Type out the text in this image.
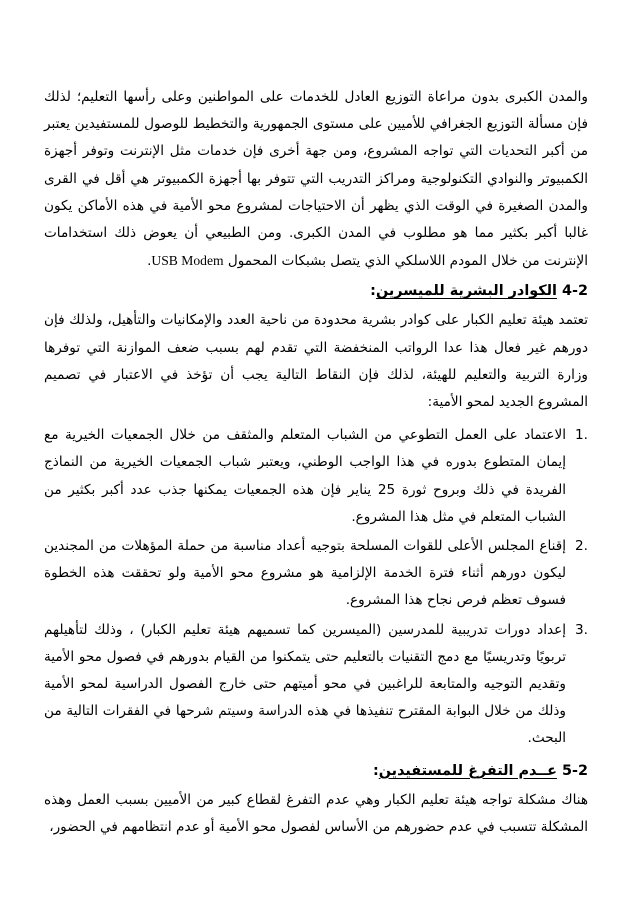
والمدن الكبرى بدون مراعاة التوزيع العادل للخدمات على المواطنين وعلى رأسها التعليم؛ لذلك فإن مسألة التوزيع الجغرافي للأميين على مستوى الجمهورية والتخطيط للوصول للمستفيدين يعتبر من أكبر التحديات التي تواجه المشروع، ومن جهة أخرى فإن خدمات مثل الإنترنت وتوفر أجهزة الكمبيوتر والنوادي التكنولوجية ومراكز التدريب التي تتوفر بها أجهزة الكمبيوتر هي أقل في القرى والمدن الصغيرة في الوقت الذي يظهر أن الاحتياجات لمشروع محو الأمية في هذه الأماكن يكون غالبا أكبر بكثير مما هو مطلوب في المدن الكبرى. ومن الطبيعي أن يعوض ذلك استخدامات الإنترنت من خلال المودم اللاسلكي الذي يتصل بشبكات المحمول USB Modem.

4-2 الكوادر البشرية للميسرين:

تعتمد هيئة تعليم الكبار على كوادر بشرية محدودة من ناحية العدد والإمكانيات والتأهيل، ولذلك فإن دورهم غير فعال هذا عدا الرواتب المنخفضة التي تقدم لهم بسبب ضعف الموازنة التي توفرها وزارة التربية والتعليم للهيئة، لذلك فإن النقاط التالية يجب أن تؤخذ في الاعتبار في تصميم المشروع الجديد لمحو الأمية:

.1

الاعتماد على العمل التطوعي من الشباب المتعلم والمثقف من خلال الجمعيات الخيرية مع إيمان المتطوع بدوره في هذا الواجب الوطني، ويعتبر شباب الجمعيات الخيرية من النماذج الفريدة في ذلك وبروح ثورة 25 يناير فإن هذه الجمعيات يمكنها جذب عدد أكبر بكثير من الشباب المتعلم في مثل هذا المشروع.

.2

إقناع المجلس الأعلى للقوات المسلحة بتوجيه أعداد مناسبة من حملة المؤهلات من المجندين ليكون دورهم أثناء فترة الخدمة الإلزامية هو مشروع محو الأمية ولو تحققت هذه الخطوة فسوف تعظم فرص نجاح هذا المشروع.

.3

إعداد دورات تدريبية للمدرسين (الميسرين كما تسميهم هيئة تعليم الكبار) ، وذلك لتأهيلهم تربويًا وتدريسيًا مع دمج التقنيات بالتعليم حتى يتمكنوا من القيام بدورهم في فصول محو الأمية وتقديم التوجيه والمتابعة للراغبين في محو أميتهم حتى خارج الفصول الدراسية لمحو الأمية وذلك من خلال البوابة المقترح تنفيذها في هذه الدراسة وسيتم شرحها في الفقرات التالية من البحث.

5-2 عــدم التفرغ للمستفيدين:

هناك مشكلة تواجه هيئة تعليم الكبار وهي عدم التفرغ لقطاع كبير من الأميين بسبب العمل وهذه المشكلة تتسبب في عدم حضورهم من الأساس لفصول محو الأمية أو عدم انتظامهم في الحضور،
